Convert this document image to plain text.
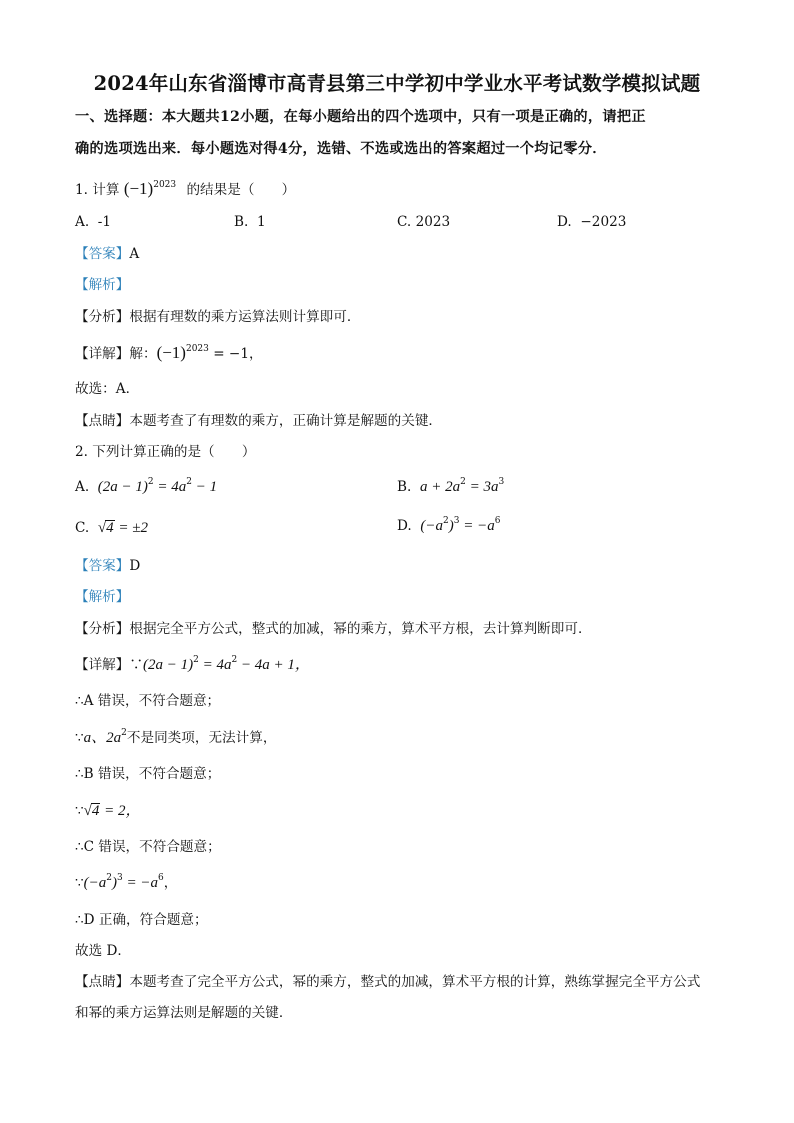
2024年山东省淄博市高青县第三中学初中学业水平考试数学模拟试题
一、选择题：本大题共12小题，在每小题给出的四个选项中，只有一项是正确的，请把正
确的选项选出来．每小题选对得4分，选错、不选或选出的答案超过一个均记零分．
1. 计算 $(-1)^{2023}$ 的结果是（　　）
A. -1	B. 1	C. 2023	D. −2023
【答案】A
【解析】
【分析】根据有理数的乘方运算法则计算即可．
【详解】解：$(-1)^{2023} = -1$，
故选：A．
【点睛】本题考查了有理数的乘方，正确计算是解题的关键．
2. 下列计算正确的是（　　）
A. $(2a - 1)^2 = 4a^2 - 1$	B. $a + 2a^2 = 3a^3$
C. √4 = ±2	D. $(-a^2)^3 = -a^6$
【答案】D
【解析】
【分析】根据完全平方公式，整式的加减，幂的乘方，算术平方根，去计算判断即可．
【详解】∵(2a − $1)^2 = 4a^2 - 4a + 1$，
∴A 错误，不符合题意；
∵a、$2a^2$不是同类项，无法计算，
∴B 错误，不符合题意；
∵√4 = 2，
∴C 错误，不符合题意；
$\because(-a^2)^3 = -a^6$，
∴D 正确，符合题意；
故选 D．
【点睛】本题考查了完全平方公式，幂的乘方，整式的加减，算术平方根的计算，熟练掌握完全平方公式
和幂的乘方运算法则是解题的关键．
